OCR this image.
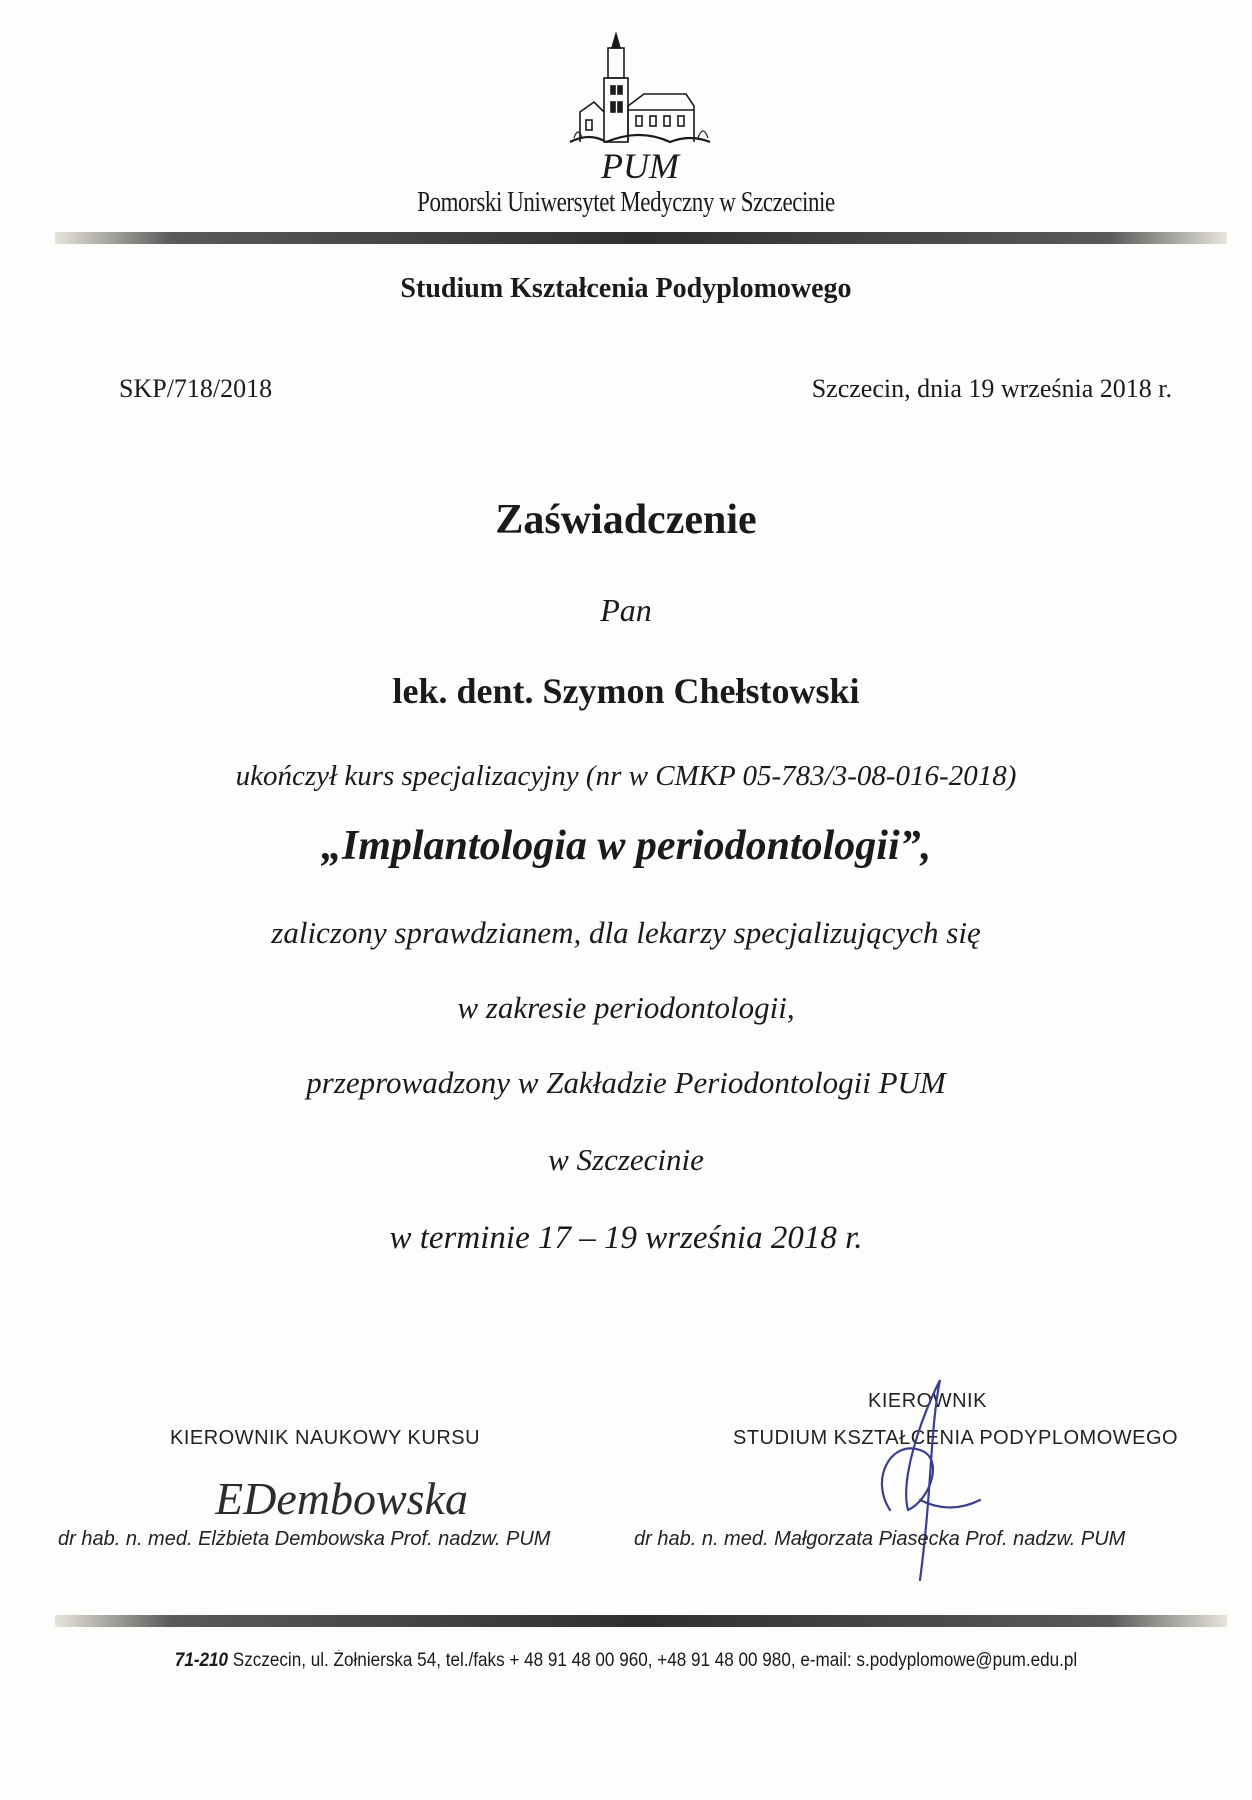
PUM
Pomorski Uniwersytet Medyczny w Szczecinie
Studium Kształcenia Podyplomowego
SKP/718/2018	Szczecin, dnia 19 września 2018 r.
Zaświadczenie
Pan
lek. dent. Szymon Chełstowski
ukończył kurs specjalizacyjny (nr w CMKP 05-783/3-08-016-2018)
„Implantologia w periodontologii”,
zaliczony sprawdzianem, dla lekarzy specjalizujących się
w zakresie periodontologii,
przeprowadzony w Zakładzie Periodontologii PUM
w Szczecinie
w terminie 17 – 19 września 2018 r.
KIEROWNIK NAUKOWY KURSU
KIEROWNIK
STUDIUM KSZTAŁCENIA PODYPLOMOWEGO
EDembowska
dr hab. n. med. Elżbieta Dembowska Prof. nadzw. PUM	dr hab. n. med. Małgorzata Piasecka Prof. nadzw. PUM
71-210 Szczecin, ul. Żołnierska 54, tel./faks + 48 91 48 00 960, +48 91 48 00 980, e-mail: s.podyplomowe@pum.edu.pl
